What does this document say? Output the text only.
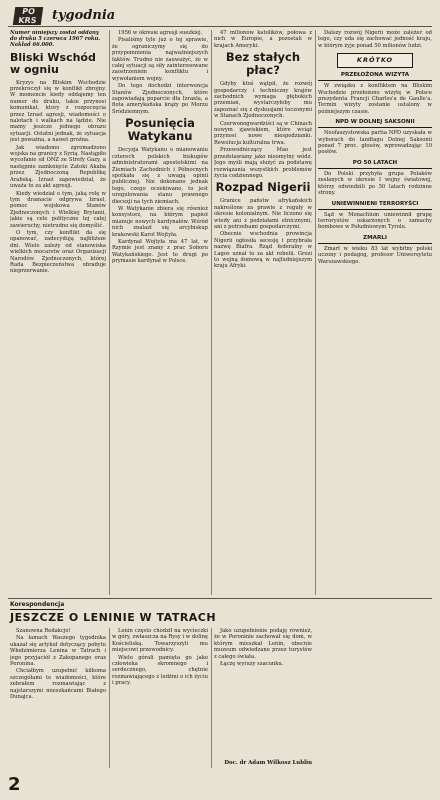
PO
KRS	tygodnia
Numer niniejszy został oddany do druku 5 czerwca 1967 roku. Nakład 66.000.
Bliski Wschód w ogniu

Kryzys na Bliskim Wschodzie przekroczył się w konflikt zbrojny. W momencie kiedy oddajemy ten numer do druku, takie przynosi komunikat, ktory z rozpoczęcia przez Izrael agresji, wiadomości o nalotach i walkach na lądzie. Nie mamy jeszcze jednego obrazu sytuacji. Ostatni jednak, że sytuacja jest poważna, a nawet groźna.

Jak wiadomo zgromadzono wojska na granicy z Syrią. Nastąpiło wycofanie sił ONZ ze Strefy Gazy, a następnie zamknięcie Zatoki Akaba przez Zjednoczoną Republikę Arabską. Izrael zapowiedział, że uważa to za akt agresji.

Kiedy wiedział o tym, jaką rolę w tym dramacie odgrywa Izrael, pomoc wojskowa Stanów Zjednoczonych i Wielkiej Brytanii, jakie są cele polityczne tej całej zawieruchy, nietrudno się domyślić.

O tym, czy konflikt da się opanować, zadecydują najbliższe dni. Wiele zależy od stanowiska wielkich mocarstw oraz Organizacji Narodów Zjednoczonych, której Rada Bezpieczeństwa obraduje nieprzerwanie.

1956 w okresie agresji suezkiej.

Pisaliśmy tyle już o tej sprawie, że ograniczymy się do przypomnienia najważniejszych faktów. Trudno nie zauważyć, że w całej sytuacji są siły zainteresowane zaostrzeniem konfliktu i wywołaniem wojny.

Do tego dochodzi interwencja Stanów Zjednoczonych, które zapowiadają poparcie dla Izraela, a flota amerykańska krąży po Morzu Śródziemnym.

Posunięcia Watykanu

Decyzja Watykanu o mianowaniu czterech polskich biskupów administratorami apostolskimi na Ziemiach Zachodnich i Północnych spotkała się z uwagą opinii publicznej. Nie dokonano jednak tego, czego oczekiwano, to jest uregulowania stanu prawnego diecezji na tych ziemiach.

W Watykanie zbiera się również konsystorz, na którym papież mianuje nowych kardynałów. Wśród nich znalazł się arcybiskup krakowski Karol Wojtyła.

Kardynał Wojtyła ma 47 lat, w Rzymie jest znany z prac Soboru Watykańskiego. Jest to drugi po prymasie kardynał w Polsce.

47 milionów katolików, połowa z nich w Europie, a pozostali w krajach Ameryki.

Bez stałych płac?

Gdyby ktoś wątpił, że rozwój gospodarczy i techniczny krajów zachodnich wymaga głębokich przemian, wystarczyłoby mu zapoznać się z dyskusjami toczonymi w Stanach Zjednoczonych.

Czerwonogwardziści są w Chinach nowym zjawiskiem, które wciąż przynosi nowe niespodzianki. Rewolucja kulturalna trwa.

Przewodniczący Mao jest przedstawiany jako nieomylny wódz. Jego myśli mają służyć za podstawę rozwiązania wszystkich problemów życia codziennego.

Rozpad Nigerii

Granice państw afrykańskich nakreślone za prawie z reguły w okresie kolonialnym. Nie liczono się wtedy ani z podziałami etnicznymi, ani z potrzebami gospodarczymi.

Obecnie wschodnia prowincja Nigerii ogłosiła secesję i przybrała nazwę Biafra. Rząd federalny w Lagos uznał to za akt rebelii. Grozi to wojną domową w najludniejszym kraju Afryki.

Dalszy rozwój Nigerii może zależeć od tego, czy uda się zachować jedność kraju, w którym żyje ponad 50 milionów ludzi.

KRÓTKO
PRZEŁOŻONA WIZYTA

W związku z konfliktem na Bliskim Wschodzie przełożono wizytę w Polsce prezydenta Francji Charles'a de Gaulle'a. Termin wizyty zostanie ustalony w późniejszym czasie.

NPD W DOLNEJ SAKSONII

Neofaszystowska partia NPD uzyskała w wyborach do landtagu Dolnej Saksonii ponad 7 proc. głosów, wprowadzając 10 posłów.

PO 50 LATACH

Do Polski przybyła grupa Polaków zesłanych w okresie I wojny światowej, którzy odwiedzili po 50 latach rodzinne strony.

UNIEWINNIENI TERRORYŚCI

Sąd w Monachium uniewinnił grupę terrorystów oskarżonych o zamachy bombowe w Południowym Tyrolu.

ZMARLI

Zmarł w wieku 83 lat wybitny polski uczony i pedagog, profesor Uniwersytetu Warszawskiego.

Korespondencja
JESZCZE O LENINIE W TATRACH

Szanowna Redakcjo!

Na łamach Waszego tygodnika ukazał się artykuł dotyczący pobytu Włodzimierza Lenina w Tatrach i jego przyjaciół z Zakopanego oraz Poronina.

Chciałbym uzupełnić kilkoma szczegółami te wiadomości, które zebrałem rozmawiając z najstarszymi mieszkańcami Białego Dunajca.

Lenin często chodził na wycieczki w góry, zwłaszcza na Rysy i w dolinę Kościeliską. Towarzyszyli mu miejscowi przewodnicy.

Wielu górali pamięta go jako człowieka skromnego i serdecznego, chętnie rozmawiającego z ludźmi o ich życiu i pracy.

Jako uzupełnienie podaję również, że w Poroninie zachował się dom, w którym mieszkał Lenin, obecnie muzeum odwiedzane przez turystów z całego świata.

Łączę wyrazy szacunku.

Doc. dr Adam Wilkosz Lublin
2
